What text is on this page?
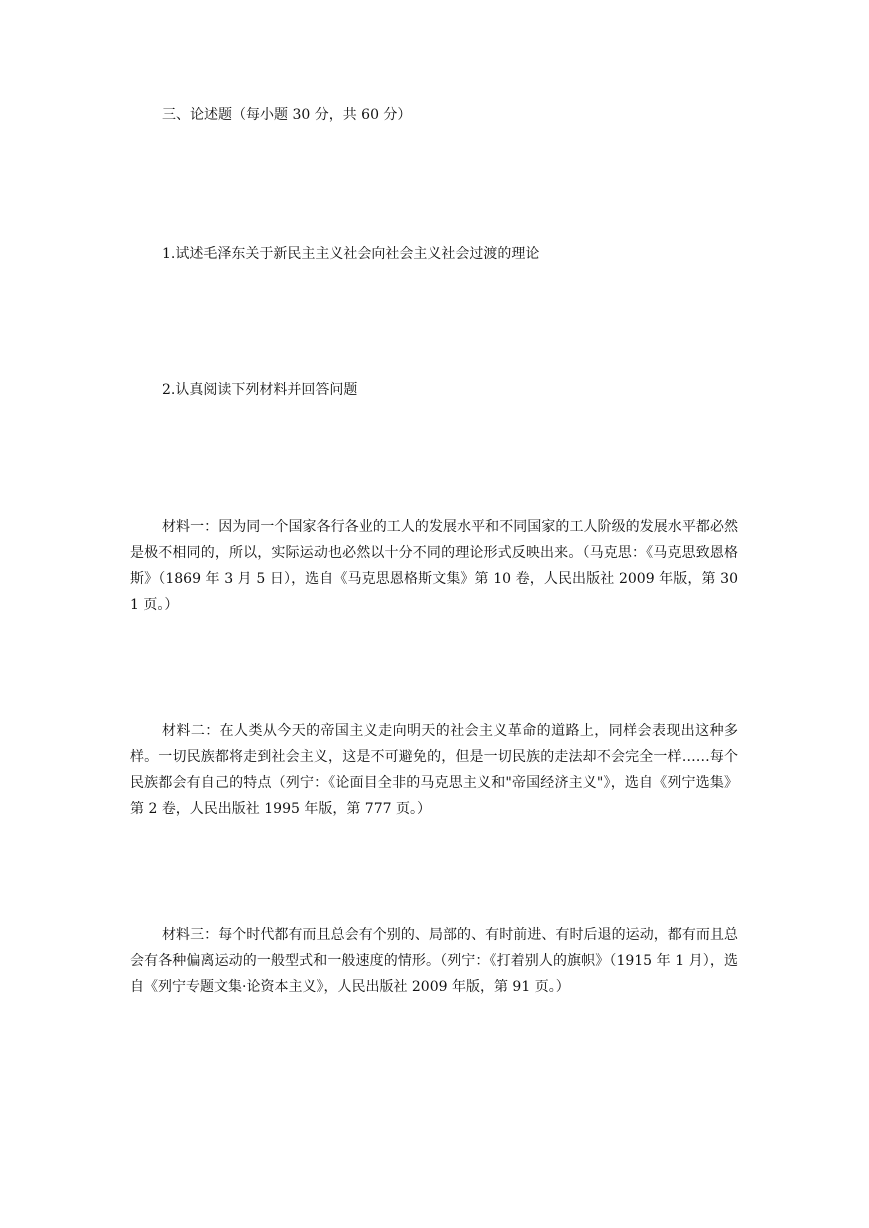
三、论述题（每小题 30 分，共 60 分）
1.试述毛泽东关于新民主主义社会向社会主义社会过渡的理论
2.认真阅读下列材料并回答问题
材料一：因为同一个国家各行各业的工人的发展水平和不同国家的工人阶级的发展水平都必然是极不相同的，所以，实际运动也必然以十分不同的理论形式反映出来。（马克思：《马克思致恩格斯》（1869 年 3 月 5 日），选自《马克思恩格斯文集》第 10 卷，人民出版社 2009 年版，第 301 页。）
材料二：在人类从今天的帝国主义走向明天的社会主义革命的道路上，同样会表现出这种多样。一切民族都将走到社会主义，这是不可避免的，但是一切民族的走法却不会完全一样……每个民族都会有自己的特点（列宁：《论面目全非的马克思主义和"帝国经济主义"》，选自《列宁选集》第 2 卷，人民出版社 1995 年版，第 777 页。）
材料三：每个时代都有而且总会有个别的、局部的、有时前进、有时后退的运动，都有而且总会有各种偏离运动的一般型式和一般速度的情形。（列宁：《打着别人的旗帜》（1915 年 1 月），选自《列宁专题文集·论资本主义》，人民出版社 2009 年版，第 91 页。）
